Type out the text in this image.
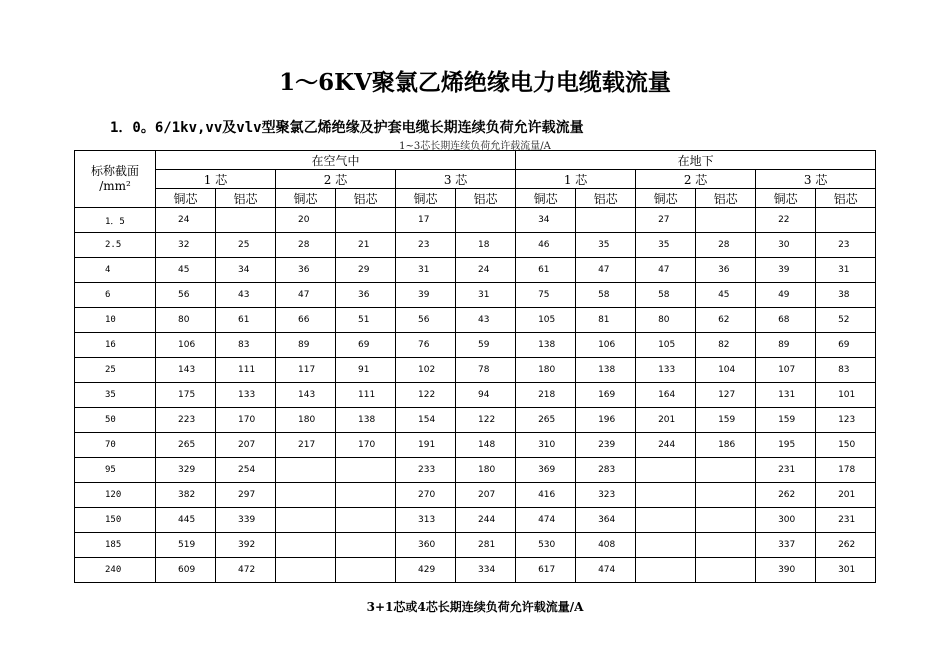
1～6KV聚氯乙烯绝缘电力电缆载流量
1．0。6/1kv,vv及vlv型聚氯乙烯绝缘及护套电缆长期连续负荷允许载流量
1~3芯长期连续负荷允许载流量/A
标称截面
/mm²	在空气中						在地下					
	1 芯		2 芯		3 芯		1 芯		2 芯		3 芯	
	铜芯	铝芯	铜芯	铝芯	铜芯	铝芯	铜芯	铝芯	铜芯	铝芯	铜芯	铝芯
1．5	24		20		17		34		27		22	
2.5	32	25	28	21	23	18	46	35	35	28	30	23
4	45	34	36	29	31	24	61	47	47	36	39	31
6	56	43	47	36	39	31	75	58	58	45	49	38
10	80	61	66	51	56	43	105	81	80	62	68	52
16	106	83	89	69	76	59	138	106	105	82	89	69
25	143	111	117	91	102	78	180	138	133	104	107	83
35	175	133	143	111	122	94	218	169	164	127	131	101
50	223	170	180	138	154	122	265	196	201	159	159	123
70	265	207	217	170	191	148	310	239	244	186	195	150
95	329	254			233	180	369	283			231	178
120	382	297			270	207	416	323			262	201
150	445	339			313	244	474	364			300	231
185	519	392			360	281	530	408			337	262
240	609	472			429	334	617	474			390	301
3+1芯或4芯长期连续负荷允许载流量/A
